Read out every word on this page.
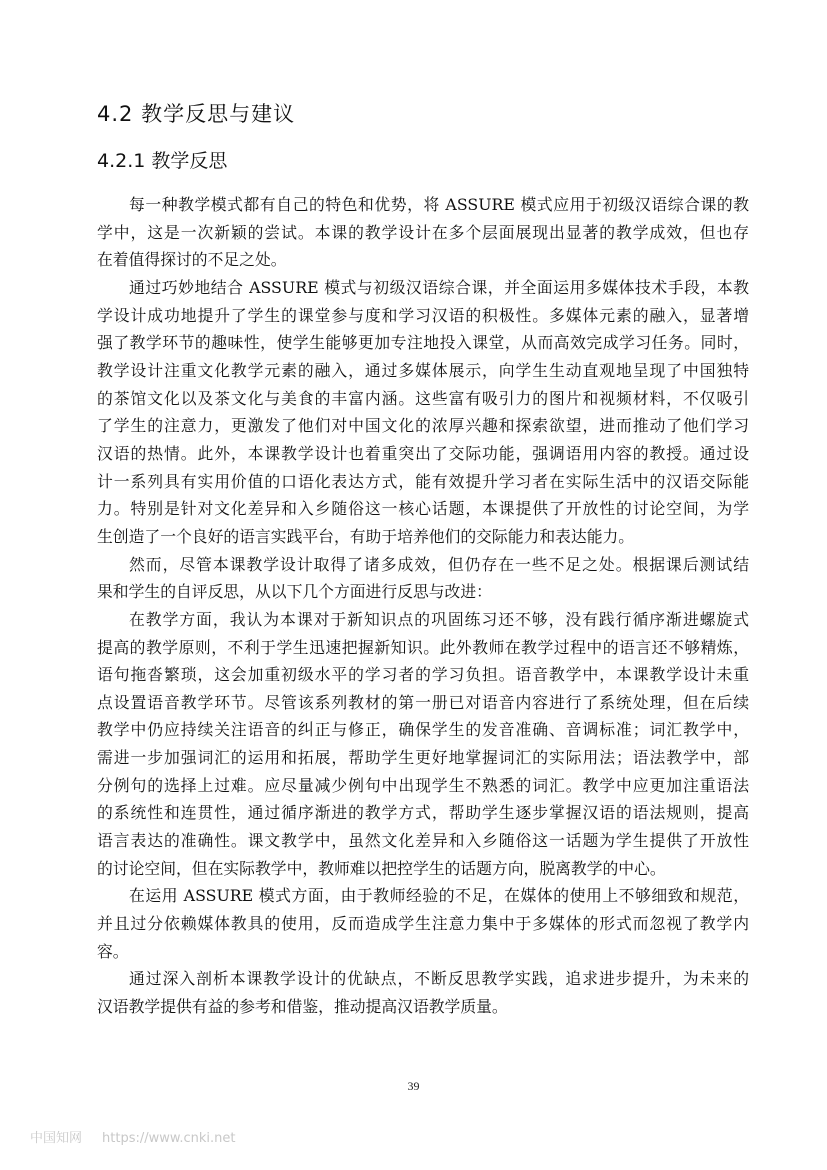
4.2 教学反思与建议
4.2.1 教学反思
每一种教学模式都有自己的特色和优势，将 ASSURE 模式应用于初级汉语综合课的教
学中，这是一次新颖的尝试。本课的教学设计在多个层面展现出显著的教学成效，但也存
在着值得探讨的不足之处。
通过巧妙地结合 ASSURE 模式与初级汉语综合课，并全面运用多媒体技术手段，本教
学设计成功地提升了学生的课堂参与度和学习汉语的积极性。多媒体元素的融入，显著增
强了教学环节的趣味性，使学生能够更加专注地投入课堂，从而高效完成学习任务。同时，
教学设计注重文化教学元素的融入，通过多媒体展示，向学生生动直观地呈现了中国独特
的茶馆文化以及茶文化与美食的丰富内涵。这些富有吸引力的图片和视频材料，不仅吸引
了学生的注意力，更激发了他们对中国文化的浓厚兴趣和探索欲望，进而推动了他们学习
汉语的热情。此外，本课教学设计也着重突出了交际功能，强调语用内容的教授。通过设
计一系列具有实用价值的口语化表达方式，能有效提升学习者在实际生活中的汉语交际能
力。特别是针对文化差异和入乡随俗这一核心话题，本课提供了开放性的讨论空间，为学
生创造了一个良好的语言实践平台，有助于培养他们的交际能力和表达能力。
然而，尽管本课教学设计取得了诸多成效，但仍存在一些不足之处。根据课后测试结
果和学生的自评反思，从以下几个方面进行反思与改进：
在教学方面，我认为本课对于新知识点的巩固练习还不够，没有践行循序渐进螺旋式
提高的教学原则，不利于学生迅速把握新知识。此外教师在教学过程中的语言还不够精炼，
语句拖沓繁琐，这会加重初级水平的学习者的学习负担。语音教学中，本课教学设计未重
点设置语音教学环节。尽管该系列教材的第一册已对语音内容进行了系统处理，但在后续
教学中仍应持续关注语音的纠正与修正，确保学生的发音准确、音调标准；词汇教学中，
需进一步加强词汇的运用和拓展，帮助学生更好地掌握词汇的实际用法；语法教学中，部
分例句的选择上过难。应尽量减少例句中出现学生不熟悉的词汇。教学中应更加注重语法
的系统性和连贯性，通过循序渐进的教学方式，帮助学生逐步掌握汉语的语法规则，提高
语言表达的准确性。课文教学中，虽然文化差异和入乡随俗这一话题为学生提供了开放性
的讨论空间，但在实际教学中，教师难以把控学生的话题方向，脱离教学的中心。
在运用 ASSURE 模式方面，由于教师经验的不足，在媒体的使用上不够细致和规范，
并且过分依赖媒体教具的使用，反而造成学生注意力集中于多媒体的形式而忽视了教学内
容。
通过深入剖析本课教学设计的优缺点，不断反思教学实践，追求进步提升，为未来的
汉语教学提供有益的参考和借鉴，推动提高汉语教学质量。
39
中国知网 https://www.cnki.net
